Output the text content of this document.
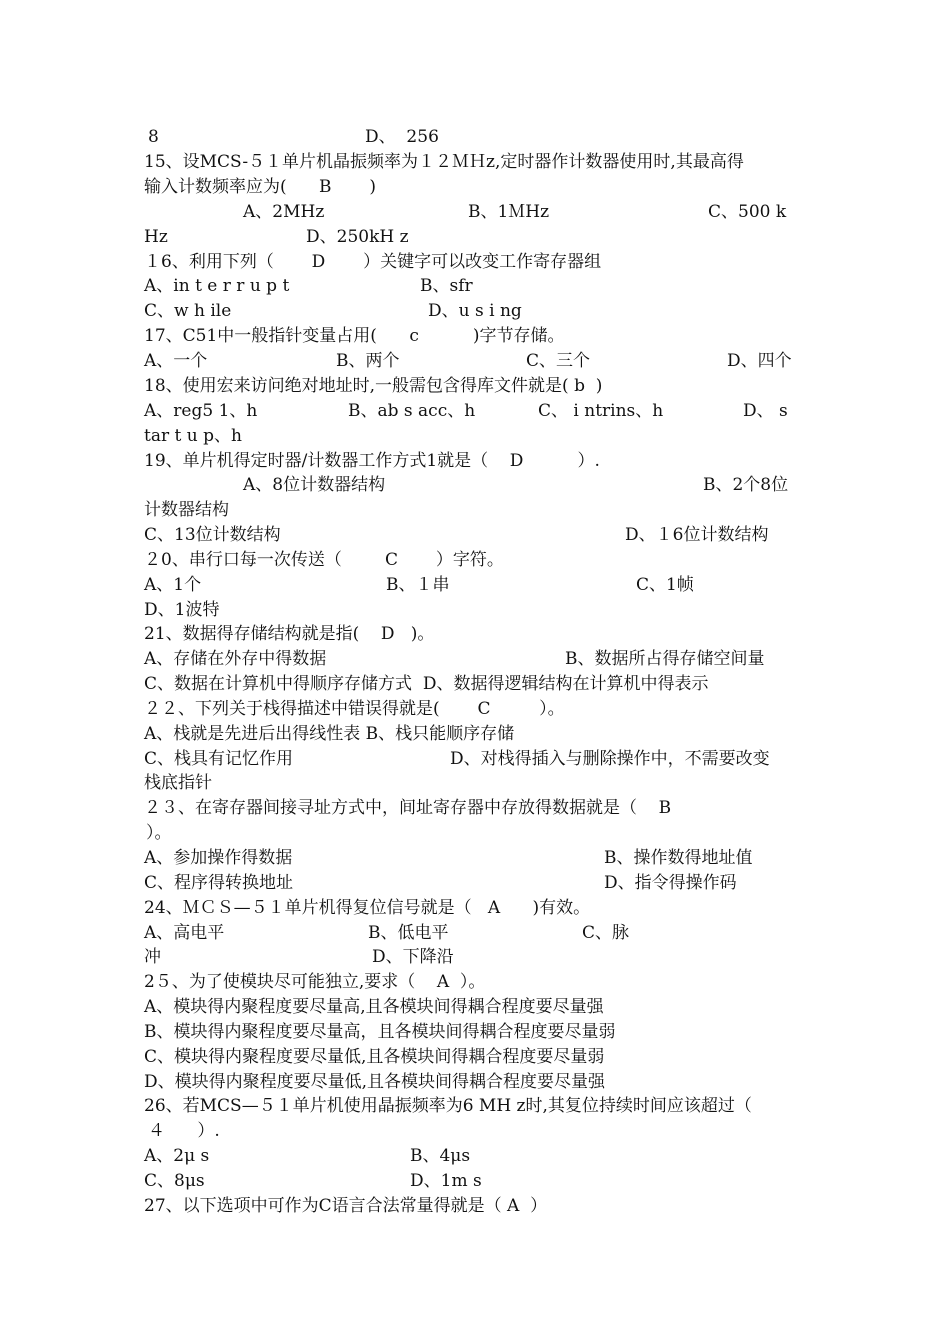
8	D、  256
15、设MCS-５１单片机晶振频率为１２ＭＨz,定时器作计数器使用时,其最高得
输入计数频率应为(      B       )
A、2MHz	B、1ＭHz	C、500 k
Hz	D、250kH z
１6、利用下列（       D       ）关键字可以改变工作寄存器组
A、in t e r r u p t	B、sfr
C、w h ile	D、u s i ng
17、C51中一般指针变量占用(      c          )字节存储。
A、一个	B、两个	C、三个	D、四个
18、使用宏来访问绝对地址时,一般需包含得库文件就是( b  )
A、reg5 1、h	B、ab s acc、h	C、 i ntrins、h	D、 s
tar t u p、h
19、单片机得定时器/计数器工作方式1就是（    D          ）.
A、8位计数器结构	B、2个8位
计数器结构
C、13位计数结构	D、１6位计数结构
２0、串行口每一次传送（        C       ）字符。
A、1个	B、１串	C、1帧
D、1波特
21、数据得存储结构就是指(    D   )。
A、存储在外存中得数据	B、数据所占得存储空间量
C、数据在计算机中得顺序存储方式  D、数据得逻辑结构在计算机中得表示
２２、下列关于栈得描述中错误得就是(       C         ）。
A、栈就是先进后出得线性表 B、栈只能顺序存储
C、栈具有记忆作用	D、对栈得插入与删除操作中，不需要改变
栈底指针
２３、在寄存器间接寻址方式中，间址寄存器中存放得数据就是（    B
）。
A、参加操作得数据	B、操作数得地址值
C、程序得转换地址	D、指令得操作码
24、ＭＣＳ—５１单片机得复位信号就是（   A      )有效。
A、高电平	B、低电平	C、脉
冲	D、下降沿
2５、为了使模块尽可能独立,要求（    A  ）。
A、模块得内聚程度要尽量高,且各模块间得耦合程度要尽量强
B、模块得内聚程度要尽量高，且各模块间得耦合程度要尽量弱
C、模块得内聚程度要尽量低,且各模块间得耦合程度要尽量弱
D、模块得内聚程度要尽量低,且各模块间得耦合程度要尽量强
26、若MCS—５１单片机使用晶振频率为6 MH z时,其复位持续时间应该超过（
４      ）.
A、2μ s	B、4μs
C、8μs	D、1m s
27、以下选项中可作为C语言合法常量得就是（ A  ）
